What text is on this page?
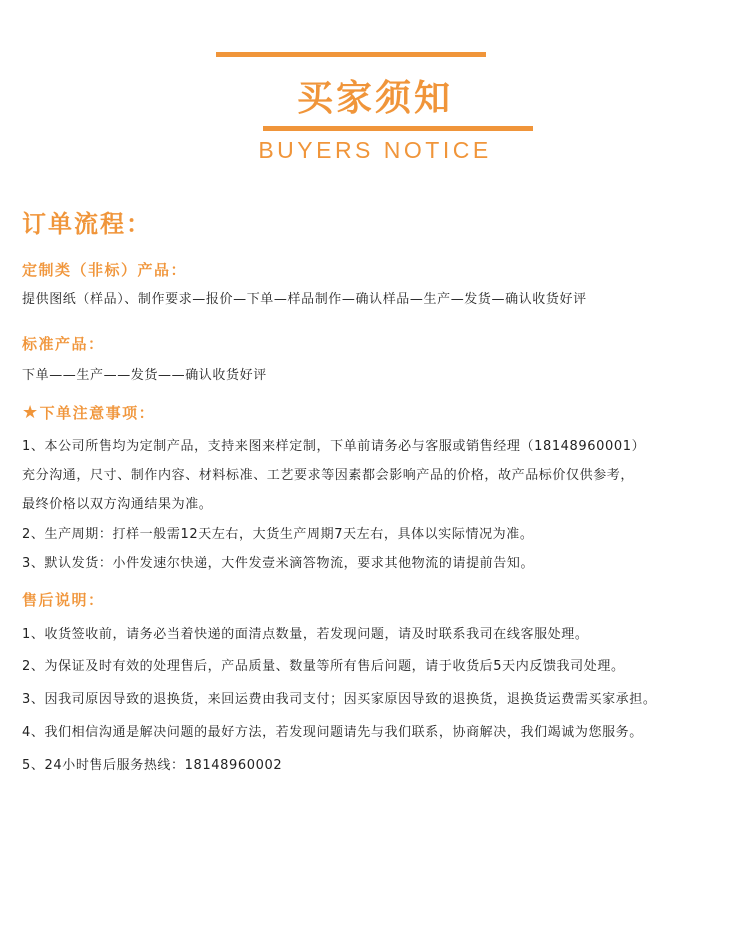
买家须知
BUYERS NOTICE
订单流程：
定制类（非标）产品：
提供图纸（样品）、制作要求—报价—下单—样品制作—确认样品—生产—发货—确认收货好评
标准产品：
下单——生产——发货——确认收货好评
★下单注意事项：
1、本公司所售均为定制产品，支持来图来样定制，下单前请务必与客服或销售经理（18148960001）
充分沟通，尺寸、制作内容、材料标准、工艺要求等因素都会影响产品的价格，故产品标价仅供参考，
最终价格以双方沟通结果为准。
2、生产周期：打样一般需12天左右，大货生产周期7天左右，具体以实际情况为准。
3、默认发货：小件发速尔快递，大件发壹米滴答物流，要求其他物流的请提前告知。
售后说明：
1、收货签收前，请务必当着快递的面清点数量，若发现问题，请及时联系我司在线客服处理。
2、为保证及时有效的处理售后，产品质量、数量等所有售后问题，请于收货后5天内反馈我司处理。
3、因我司原因导致的退换货，来回运费由我司支付；因买家原因导致的退换货，退换货运费需买家承担。
4、我们相信沟通是解决问题的最好方法，若发现问题请先与我们联系，协商解决，我们竭诚为您服务。
5、24小时售后服务热线：18148960002
